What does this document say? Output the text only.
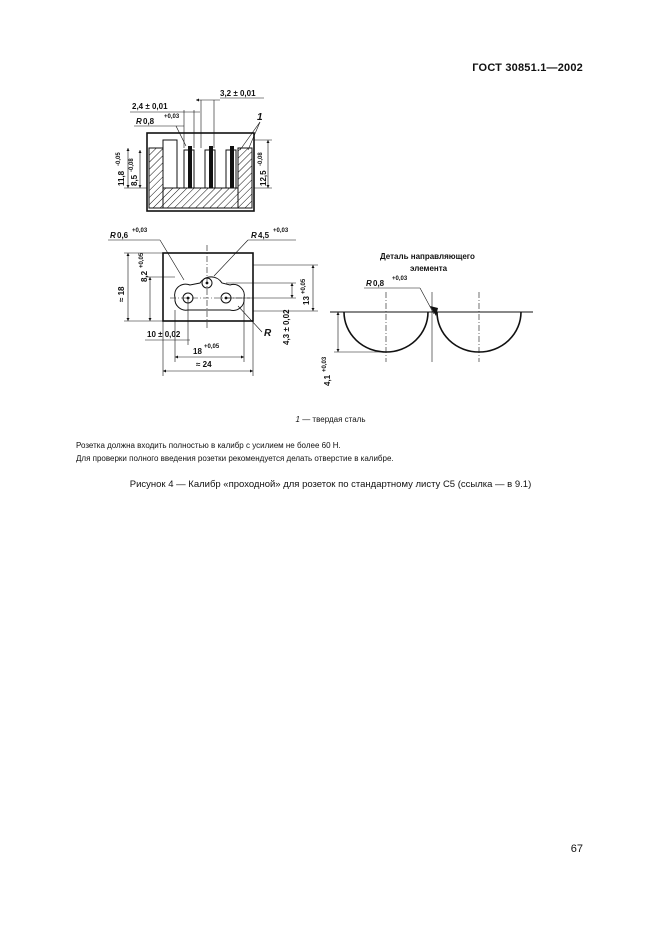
ГОСТ 30851.1—2002
3,2 ± 0,01
2,4 ± 0,01
R 0,8 +0,03	1
11,8
-0,05
8,5
-0,08
12,5
-0,08
R 0,6 +0,03	R 4,5 +0,03
≈ 18
8,2
+0,05
13
+0,05
4,3 ± 0,02
R
10 ± 0,02
18 +0,05
≈ 24
Деталь направляющего
элемента
R 0,8 +0,03
4,1
+0,03
1 — твердая сталь
Розетка должна входить полностью в калибр с усилием не более 60 Н.
Для проверки полного введения розетки рекомендуется делать отверстие в калибре.
Рисунок 4 — Калибр «проходной» для розеток по стандартному листу С5 (ссылка — в 9.1)
67
